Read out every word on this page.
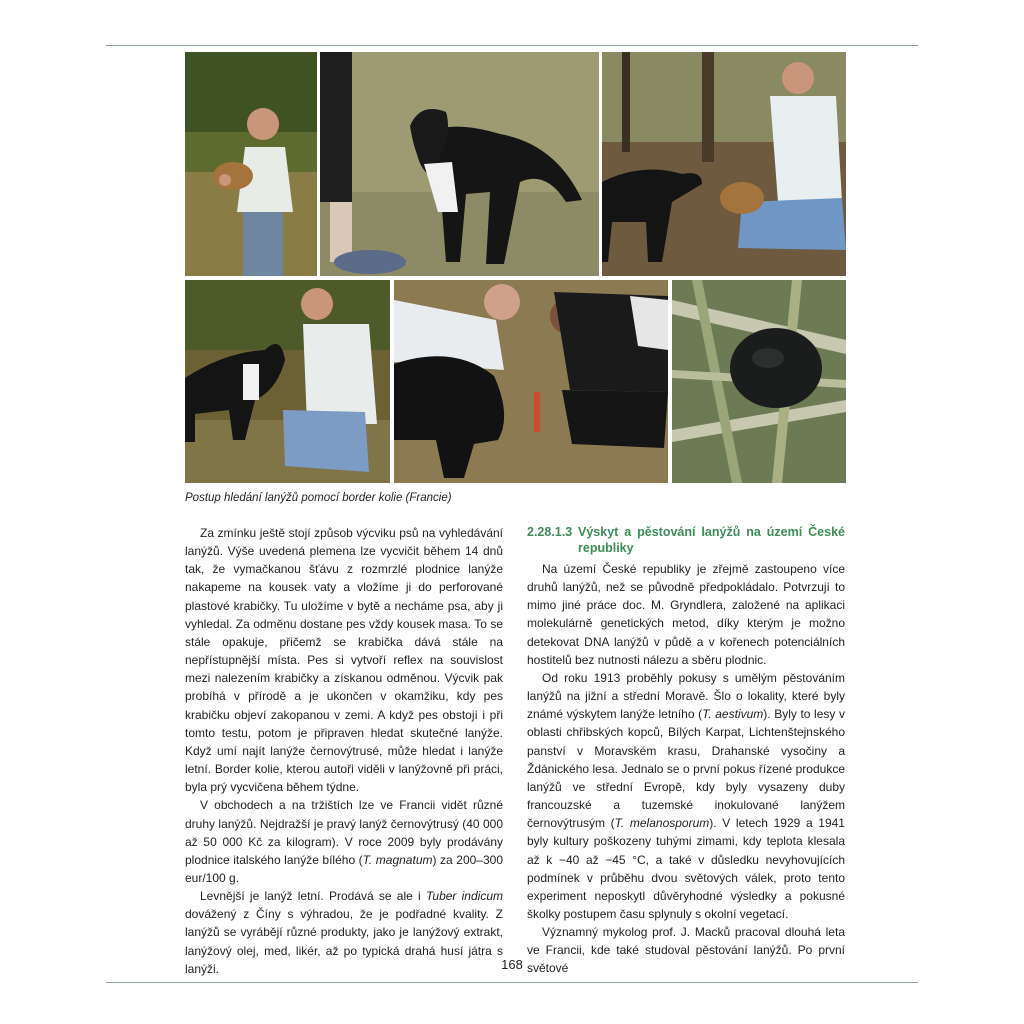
Postup hledání lanýžů pomocí border kolie (Francie)

Za zmínku ještě stojí způsob výcviku psů na vyhledávání lanýžů. Výše uvedená plemena lze vycvičit během 14 dnů tak, že vymačkanou šťávu z rozmrzlé plodnice lanýže nakapeme na kousek vaty a vložíme ji do perforované plastové krabičky. Tu uložíme v bytě a necháme psa, aby ji vyhledal. Za odměnu dostane pes vždy kousek masa. To se stále opakuje, přičemž se krabička dává stále na nepřístupnější místa. Pes si vytvoří reflex na souvislost mezi nalezením krabičky a získanou odměnou. Výcvik pak probíhá v přírodě a je ukončen v okamžiku, kdy pes krabičku objeví zakopanou v zemi. A když pes obstojí i při tomto testu, potom je připraven hledat skutečné lanýže. Když umí najít lanýže černovýtrusé, může hledat i lanýže letní. Border kolie, kterou autoři viděli v lanýžovně při práci, byla prý vycvičena během týdne.

V obchodech a na tržištích lze ve Francii vidět různé druhy lanýžů. Nejdražší je pravý lanýž černovýtrusý (40 000 až 50 000 Kč za kilogram). V roce 2009 byly prodávány plodnice italského lanýže bílého (T. magnatum) za 200–300 eur/100 g.

Levnější je lanýž letní. Prodává se ale i Tuber indicum dovážený z Číny s výhradou, že je podřadné kvality. Z lanýžů se vyrábějí různé produkty, jako je lanýžový extrakt, lanýžový olej, med, likér, až po typická drahá husí játra s lanýži.

2.28.1.3 Výskyt a pěstování lanýžů na území České republiky

Na území České republiky je zřejmě zastoupeno více druhů lanýžů, než se původně předpokládalo. Potvrzují to mimo jiné práce doc. M. Gryndlera, založené na aplikaci molekulárně genetických metod, díky kterým je možno detekovat DNA lanýžů v půdě a v kořenech potenciálních hostitelů bez nutnosti nálezu a sběru plodnic.

Od roku 1913 proběhly pokusy s umělým pěstováním lanýžů na jižní a střední Moravě. Šlo o lokality, které byly známé výskytem lanýže letního (T. aestivum). Byly to lesy v oblasti chřibských kopců, Bílých Karpat, Lichtenštejnského panství v Moravském krasu, Drahanské vysočiny a Ždánického lesa. Jednalo se o první pokus řízené produkce lanýžů ve střední Evropě, kdy byly vysazeny duby francouzské a tuzemské inokulované lanýžem černovýtrusým (T. melanosporum). V letech 1929 a 1941 byly kultury poškozeny tuhými zimami, kdy teplota klesala až k −40 až −45 °C, a také v důsledku nevyhovujících podmínek v průběhu dvou světových válek, proto tento experiment neposkytl důvěryhodné výsledky a pokusné školky postupem času splynuly s okolní vegetací.

Významný mykolog prof. J. Macků pracoval dlouhá leta ve Francii, kde také studoval pěstování lanýžů. Po první světové

168
